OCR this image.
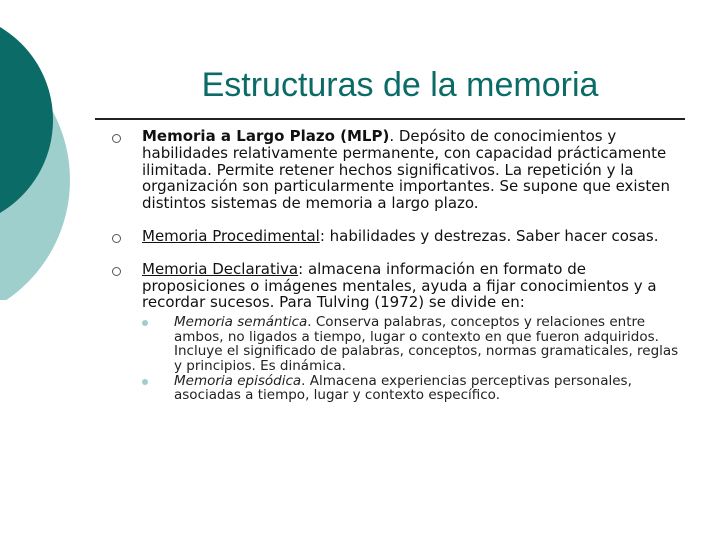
Estructuras de la memoria
Memoria a Largo Plazo (MLP). Depósito de conocimientos y habilidades relativamente permanente, con capacidad prácticamente ilimitada. Permite retener hechos significativos. La repetición y la organización son particularmente importantes. Se supone que existen distintos sistemas de memoria a largo plazo.
Memoria Procedimental: habilidades y destrezas. Saber hacer cosas.
Memoria Declarativa: almacena información en formato de proposiciones o imágenes mentales, ayuda a fijar conocimientos y a recordar sucesos. Para Tulving (1972) se divide en:
Memoria semántica. Conserva palabras, conceptos y relaciones entre ambos, no ligados a tiempo, lugar o contexto en que fueron adquiridos. Incluye el significado de palabras, conceptos, normas gramaticales, reglas y principios. Es dinámica.
Memoria episódica. Almacena experiencias perceptivas personales, asociadas a tiempo, lugar y contexto específico.
